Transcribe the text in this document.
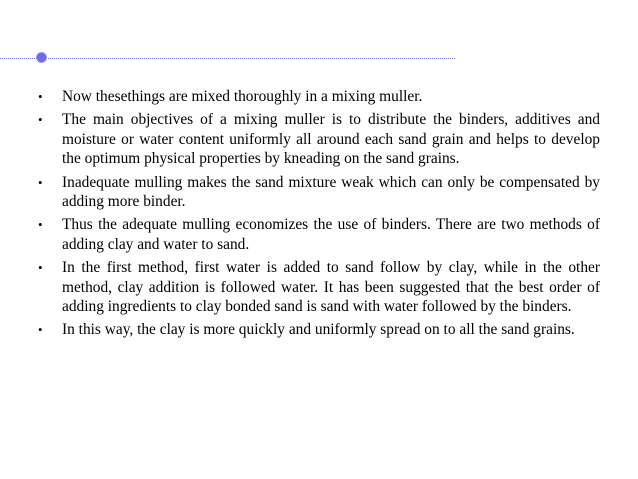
• Now thesethings are mixed thoroughly in a mixing muller.
• The main objectives of a mixing muller is to distribute the binders, additives and moisture or water content uniformly all around each sand grain and helps to develop the optimum physical properties by kneading on the sand grains.
• Inadequate mulling makes the sand mixture weak which can only be compensated by adding more binder.
• Thus the adequate mulling economizes the use of binders. There are two methods of adding clay and water to sand.
• In the first method, first water is added to sand follow by clay, while in the other method, clay addition is followed water. It has been suggested that the best order of adding ingredients to clay bonded sand is sand with water followed by the binders.
• In this way, the clay is more quickly and uniformly spread on to all the sand grains.
